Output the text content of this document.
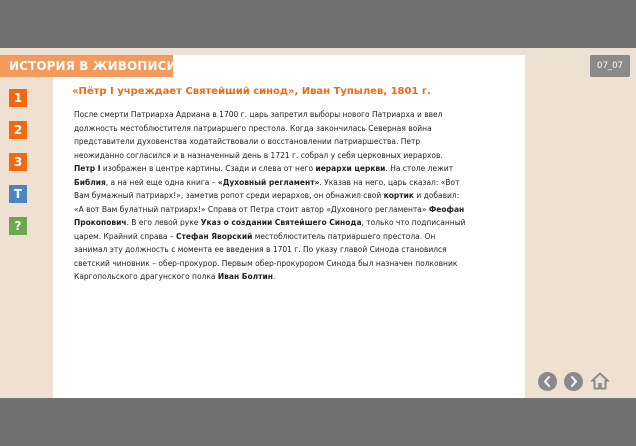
ИСТОРИЯ В ЖИВОПИСИ	07_07
1
2
3
T
?
«Пётр I учреждает Святейший синод», Иван Тупылев, 1801 г.

После смерти Патриарха Адриана в 1700 г. царь запретил выборы нового Патриарха и ввел должность местоблюстителя патриаршего престола. Когда закончилась Северная война представители духовенства ходатайствовали о восстановлении патриаршества. Петр неожиданно согласился и в назначенный день в 1721 г. собрал у себя церковных иерархов.

Петр I изображен в центре картины. Сзади и слева от него иерархи церкви. На столе лежит Библия, а на ней еще одна книга – «Духовный регламент». Указав на него, царь сказал: «Вот Вам бумажный патриарх!», заметив ропот среди иерархов, он обнажил свой кортик и добавил: «А вот Вам булатный патриарх!» Справа от Петра стоит автор «Духовного регламента» Феофан Прокопович. В его левой руке Указ о создании Святейшего Синода, только что подписанный царем. Крайний справа – Стефан Яворский местоблюститель патриаршего престола. Он занимал эту должность с момента ее введения в 1701 г. По указу главой Синода становился светский чиновник – обер-прокурор. Первым обер-прокурором Синода был назначен полковник Каргопольского драгунского полка Иван Болтин.
